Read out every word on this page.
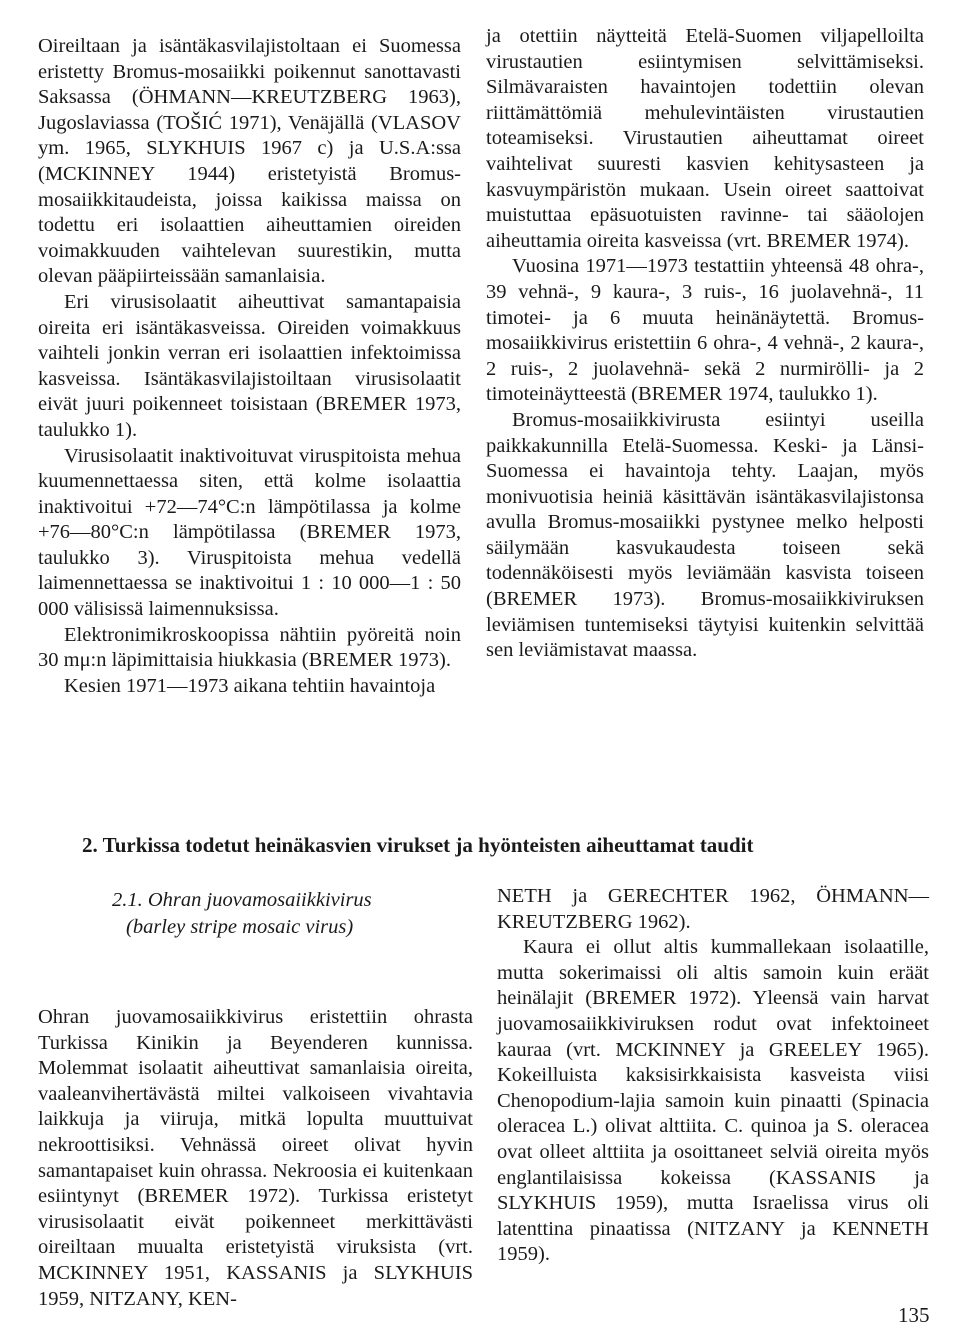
Oireiltaan ja isäntäkasvilajistoltaan ei Suomessa eristetty Bromus-mosaiikki poikennut sanottavasti Saksassa (ÖHMANN—KREUTZBERG 1963), Jugoslaviassa (TOŠIĆ 1971), Venäjällä (VLASOV ym. 1965, SLYKHUIS 1967 c) ja U.S.A:ssa (MCKINNEY 1944) eristetyistä Bromus-mosaiikkitaudeista, joissa kaikissa maissa on todettu eri isolaattien aiheuttamien oireiden voimakkuuden vaihtelevan suurestikin, mutta olevan pääpiirteissään samanlaisia.

Eri virusisolaatit aiheuttivat samantapaisia oireita eri isäntäkasveissa. Oireiden voimakkuus vaihteli jonkin verran eri isolaattien infektoimissa kasveissa. Isäntäkasvilajistoiltaan virusisolaatit eivät juuri poikenneet toisistaan (BREMER 1973, taulukko 1).

Virusisolaatit inaktivoituvat viruspitoista mehua kuumennettaessa siten, että kolme isolaattia inaktivoitui +72—74°C:n lämpötilassa ja kolme +76—80°C:n lämpötilassa (BREMER 1973, taulukko 3). Viruspitoista mehua vedellä laimennettaessa se inaktivoitui 1 : 10 000—1 : 50 000 välisissä laimennuksissa.

Elektronimikroskoopissa nähtiin pyöreitä noin 30 mμ:n läpimittaisia hiukkasia (BREMER 1973).

Kesien 1971—1973 aikana tehtiin havaintoja

ja otettiin näytteitä Etelä-Suomen viljapelloilta virustautien esiintymisen selvittämiseksi. Silmävaraisten havaintojen todettiin olevan riittämättömiä mehulevintäisten virustautien toteamiseksi. Virustautien aiheuttamat oireet vaihtelivat suuresti kasvien kehitysasteen ja kasvuympäristön mukaan. Usein oireet saattoivat muistuttaa epäsuotuisten ravinne- tai sääolojen aiheuttamia oireita kasveissa (vrt. BREMER 1974).

Vuosina 1971—1973 testattiin yhteensä 48 ohra-, 39 vehnä-, 9 kaura-, 3 ruis-, 16 juolavehnä-, 11 timotei- ja 6 muuta heinänäytettä. Bromus-mosaiikkivirus eristettiin 6 ohra-, 4 vehnä-, 2 kaura-, 2 ruis-, 2 juolavehnä- sekä 2 nurmirölli- ja 2 timoteinäytteestä (BREMER 1974, taulukko 1).

Bromus-mosaiikkivirusta esiintyi useilla paikkakunnilla Etelä-Suomessa. Keski- ja Länsi-Suomessa ei havaintoja tehty. Laajan, myös monivuotisia heiniä käsittävän isäntäkasvilajistonsa avulla Bromus-mosaiikki pystynee melko helposti säilymään kasvukaudesta toiseen sekä todennäköisesti myös leviämään kasvista toiseen (BREMER 1973). Bromus-mosaiikkiviruksen leviämisen tuntemiseksi täytyisi kuitenkin selvittää sen leviämistavat maassa.

2. Turkissa todetut heinäkasvien virukset ja hyönteisten aiheuttamat taudit
2.1. Ohran juovamosaiikkivirus
(barley stripe mosaic virus)

Ohran juovamosaiikkivirus eristettiin ohrasta Turkissa Kinikin ja Beyenderen kunnissa. Molemmat isolaatit aiheuttivat samanlaisia oireita, vaaleanvihertävästä miltei valkoiseen vivahtavia laikkuja ja viiruja, mitkä lopulta muuttuivat nekroottisiksi. Vehnässä oireet olivat hyvin samantapaiset kuin ohrassa. Nekroosia ei kuitenkaan esiintynyt (BREMER 1972). Turkissa eristetyt virusisolaatit eivät poikenneet merkittävästi oireiltaan muualta eristetyistä viruksista (vrt. MCKINNEY 1951, KASSANIS ja SLYKHUIS 1959, NITZANY, KEN-

NETH ja GERECHTER 1962, ÖHMANN—KREUTZBERG 1962).

Kaura ei ollut altis kummallekaan isolaatille, mutta sokerimaissi oli altis samoin kuin eräät heinälajit (BREMER 1972). Yleensä vain harvat juovamosaiikkiviruksen rodut ovat infektoineet kauraa (vrt. MCKINNEY ja GREELEY 1965). Kokeilluista kaksisirkkaisista kasveista viisi Chenopodium-lajia samoin kuin pinaatti (Spinacia oleracea L.) olivat alttiita. C. quinoa ja S. oleracea ovat olleet alttiita ja osoittaneet selviä oireita myös englantilaisissa kokeissa (KASSANIS ja SLYKHUIS 1959), mutta Israelissa virus oli latenttina pinaatissa (NITZANY ja KENNETH 1959).

135
